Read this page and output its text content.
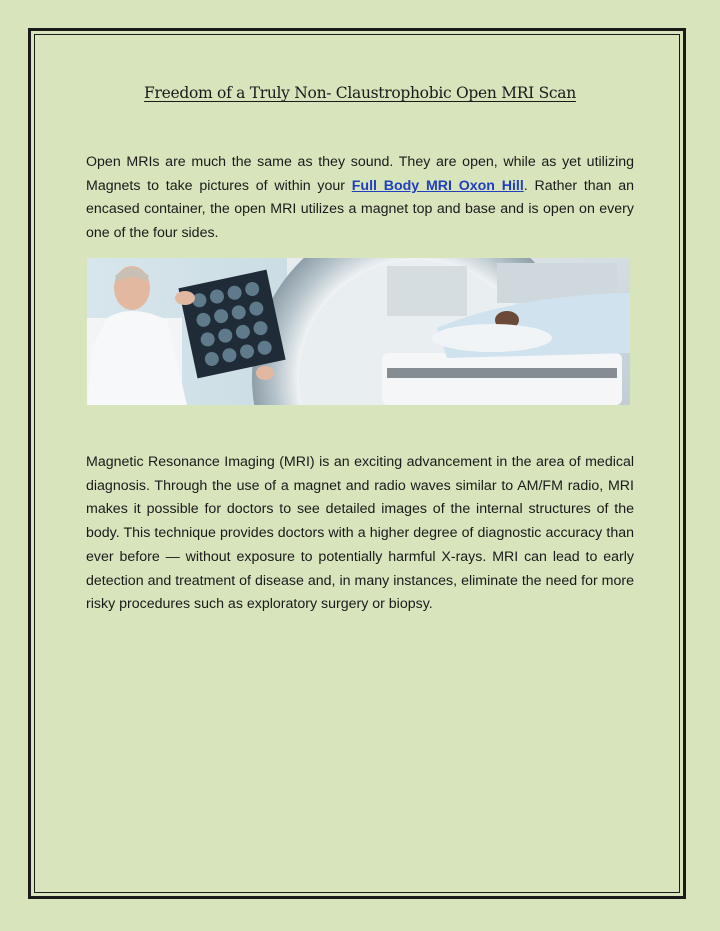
Freedom of a Truly Non- Claustrophobic Open MRI Scan

Open MRIs are much the same as they sound. They are open, while as yet utilizing Magnets to take pictures of within your Full Body MRI Oxon Hill. Rather than an encased container, the open MRI utilizes a magnet top and base and is open on every one of the four sides.

Magnetic Resonance Imaging (MRI) is an exciting advancement in the area of medical diagnosis. Through the use of a magnet and radio waves similar to AM/FM radio, MRI makes it possible for doctors to see detailed images of the internal structures of the body. This technique provides doctors with a higher degree of diagnostic accuracy than ever before — without exposure to potentially harmful X-rays. MRI can lead to early detection and treatment of disease and, in many instances, eliminate the need for more risky procedures such as exploratory surgery or biopsy.
